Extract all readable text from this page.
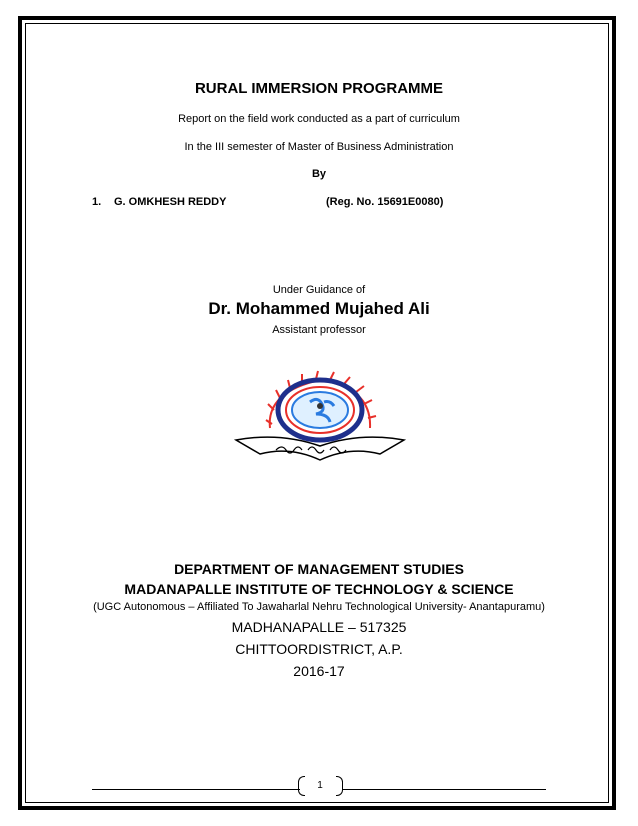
RURAL IMMERSION PROGRAMME
Report on the field work conducted as a part of curriculum
In the III semester of Master of Business Administration
By
1. G. OMKHESH REDDY	(Reg. No. 15691E0080)
Under Guidance of
Dr. Mohammed Mujahed Ali
Assistant professor
DEPARTMENT OF MANAGEMENT STUDIES
MADANAPALLE INSTITUTE OF TECHNOLOGY & SCIENCE
(UGC Autonomous – Affiliated To Jawaharlal Nehru Technological University- Anantapuramu)
MADHANAPALLE – 517325
CHITTOORDISTRICT, A.P.
2016-17
1
